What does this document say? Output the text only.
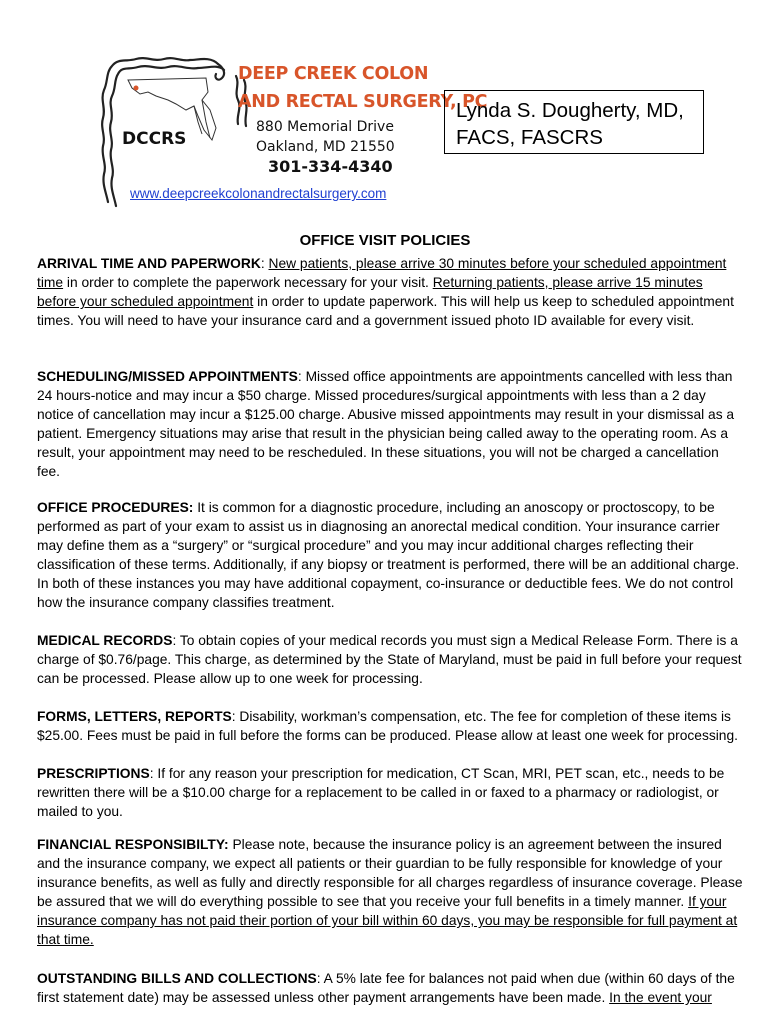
DCCRS
DEEP CREEK COLON
AND RECTAL SURGERY, PC
880 Memorial Drive
Oakland, MD 21550
301-334-4340
Lynda S. Dougherty, MD,
FACS, FASCRS
www.deepcreekcolonandrectalsurgery.com
OFFICE VISIT POLICIES
ARRIVAL TIME AND PAPERWORK: New patients, please arrive 30 minutes before your scheduled appointment time in order to complete the paperwork necessary for your visit. Returning patients, please arrive 15 minutes before your scheduled appointment in order to update paperwork. This will help us keep to scheduled appointment times. You will need to have your insurance card and a government issued photo ID available for every visit.
SCHEDULING/MISSED APPOINTMENTS: Missed office appointments are appointments cancelled with less than 24 hours-notice and may incur a $50 charge. Missed procedures/surgical appointments with less than a 2 day notice of cancellation may incur a $125.00 charge. Abusive missed appointments may result in your dismissal as a patient. Emergency situations may arise that result in the physician being called away to the operating room. As a result, your appointment may need to be rescheduled. In these situations, you will not be charged a cancellation fee.
OFFICE PROCEDURES: It is common for a diagnostic procedure, including an anoscopy or proctoscopy, to be performed as part of your exam to assist us in diagnosing an anorectal medical condition. Your insurance carrier may define them as a “surgery” or “surgical procedure” and you may incur additional charges reflecting their classification of these terms. Additionally, if any biopsy or treatment is performed, there will be an additional charge. In both of these instances you may have additional copayment, co-insurance or deductible fees. We do not control how the insurance company classifies treatment.
MEDICAL RECORDS: To obtain copies of your medical records you must sign a Medical Release Form. There is a charge of $0.76/page. This charge, as determined by the State of Maryland, must be paid in full before your request can be processed. Please allow up to one week for processing.
FORMS, LETTERS, REPORTS: Disability, workman’s compensation, etc. The fee for completion of these items is $25.00. Fees must be paid in full before the forms can be produced. Please allow at least one week for processing.
PRESCRIPTIONS: If for any reason your prescription for medication, CT Scan, MRI, PET scan, etc., needs to be rewritten there will be a $10.00 charge for a replacement to be called in or faxed to a pharmacy or radiologist, or mailed to you.
FINANCIAL RESPONSIBILTY: Please note, because the insurance policy is an agreement between the insured and the insurance company, we expect all patients or their guardian to be fully responsible for knowledge of your insurance benefits, as well as fully and directly responsible for all charges regardless of insurance coverage. Please be assured that we will do everything possible to see that you receive your full benefits in a timely manner. If your insurance company has not paid their portion of your bill within 60 days, you may be responsible for full payment at that time.
OUTSTANDING BILLS AND COLLECTIONS: A 5% late fee for balances not paid when due (within 60 days of the first statement date) may be assessed unless other payment arrangements have been made. In the event your
